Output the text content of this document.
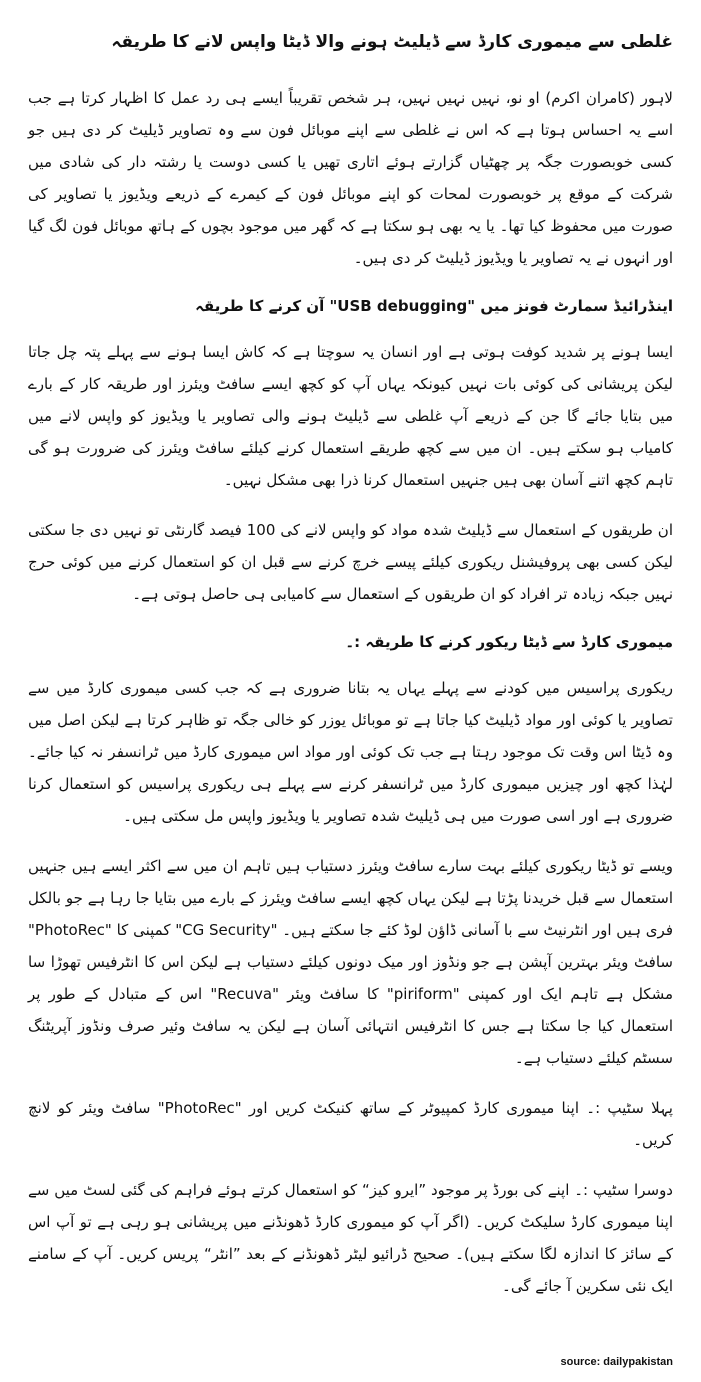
غلطی سے میموری کارڈ سے ڈیلیٹ ہونے والا ڈیٹا واپس لانے کا طریقہ

لاہور (کامران اکرم) او نو، نہیں نہیں نہیں، ہر شخص تقریباً ایسے ہی رد عمل کا اظہار کرتا ہے جب اسے یہ احساس ہوتا ہے کہ اس نے غلطی سے اپنے موبائل فون سے وہ تصاویر ڈیلیٹ کر دی ہیں جو کسی خوبصورت جگہ پر چھٹیاں گزارتے ہوئے اتاری تھیں یا کسی دوست یا رشتہ دار کی شادی میں شرکت کے موقع پر خوبصورت لمحات کو اپنے موبائل فون کے کیمرے کے ذریعے ویڈیوز یا تصاویر کی صورت میں محفوظ کیا تھا۔ یا یہ بھی ہو سکتا ہے کہ گھر میں موجود بچوں کے ہاتھ موبائل فون لگ گیا اور انہوں نے یہ تصاویر یا ویڈیوز ڈیلیٹ کر دی ہیں۔

اینڈرائیڈ سمارٹ فونز میں "USB debugging" آن کرنے کا طریقہ

ایسا ہونے پر شدید کوفت ہوتی ہے اور انسان یہ سوچتا ہے کہ کاش ایسا ہونے سے پہلے پتہ چل جاتا لیکن پریشانی کی کوئی بات نہیں کیونکہ یہاں آپ کو کچھ ایسے سافٹ ویئرز اور طریقہ کار کے بارے میں بتایا جائے گا جن کے ذریعے آپ غلطی سے ڈیلیٹ ہونے والی تصاویر یا ویڈیوز کو واپس لانے میں کامیاب ہو سکتے ہیں۔ ان میں سے کچھ طریقے استعمال کرنے کیلئے سافٹ ویئرز کی ضرورت ہو گی تاہم کچھ اتنے آسان بھی ہیں جنہیں استعمال کرنا ذرا بھی مشکل نہیں۔

ان طریقوں کے استعمال سے ڈیلیٹ شدہ مواد کو واپس لانے کی 100 فیصد گارنٹی تو نہیں دی جا سکتی لیکن کسی بھی پروفیشنل ریکوری کیلئے پیسے خرچ کرنے سے قبل ان کو استعمال کرنے میں کوئی حرج نہیں جبکہ زیادہ تر افراد کو ان طریقوں کے استعمال سے کامیابی ہی حاصل ہوتی ہے۔

میموری کارڈ سے ڈیٹا ریکور کرنے کا طریقہ :۔

ریکوری پراسیس میں کودنے سے پہلے یہاں یہ بتانا ضروری ہے کہ جب کسی میموری کارڈ میں سے تصاویر یا کوئی اور مواد ڈیلیٹ کیا جاتا ہے تو موبائل یوزر کو خالی جگہ تو ظاہر کرتا ہے لیکن اصل میں وہ ڈیٹا اس وقت تک موجود رہتا ہے جب تک کوئی اور مواد اس میموری کارڈ میں ٹرانسفر نہ کیا جائے۔ لہٰذا کچھ اور چیزیں میموری کارڈ میں ٹرانسفر کرنے سے پہلے ہی ریکوری پراسیس کو استعمال کرنا ضروری ہے اور اسی صورت میں ہی ڈیلیٹ شدہ تصاویر یا ویڈیوز واپس مل سکتی ہیں۔

ویسے تو ڈیٹا ریکوری کیلئے بہت سارے سافٹ ویئرز دستیاب ہیں تاہم ان میں سے اکثر ایسے ہیں جنہیں استعمال سے قبل خریدنا پڑتا ہے لیکن یہاں کچھ ایسے سافٹ ویئرز کے بارے میں بتایا جا رہا ہے جو بالکل فری ہیں اور انٹرنیٹ سے با آسانی ڈاؤن لوڈ کئے جا سکتے ہیں۔ "CG Security" کمپنی کا "PhotoRec" سافٹ ویئر بہترین آپشن ہے جو ونڈوز اور میک دونوں کیلئے دستیاب ہے لیکن اس کا انٹرفیس تھوڑا سا مشکل ہے تاہم ایک اور کمپنی "piriform" کا سافٹ ویئر "Recuva" اس کے متبادل کے طور پر استعمال کیا جا سکتا ہے جس کا انٹرفیس انتہائی آسان ہے لیکن یہ سافٹ وئیر صرف ونڈوز آپریٹنگ سسٹم کیلئے دستیاب ہے۔

پہلا سٹیپ :۔ اپنا میموری کارڈ کمپیوٹر کے ساتھ کنیکٹ کریں اور "PhotoRec" سافٹ ویئر کو لانچ کریں۔

دوسرا سٹیپ :۔ اپنے کی بورڈ پر موجود ”ایرو کیز“ کو استعمال کرتے ہوئے فراہم کی گئی لسٹ میں سے اپنا میموری کارڈ سلیکٹ کریں۔ (اگر آپ کو میموری کارڈ ڈھونڈنے میں پریشانی ہو رہی ہے تو آپ اس کے سائز کا اندازہ لگا سکتے ہیں)۔ صحیح ڈرائیو لیٹر ڈھونڈنے کے بعد ”انٹر“ پریس کریں۔ آپ کے سامنے ایک نئی سکرین آ جائے گی۔

source: dailypakistan
